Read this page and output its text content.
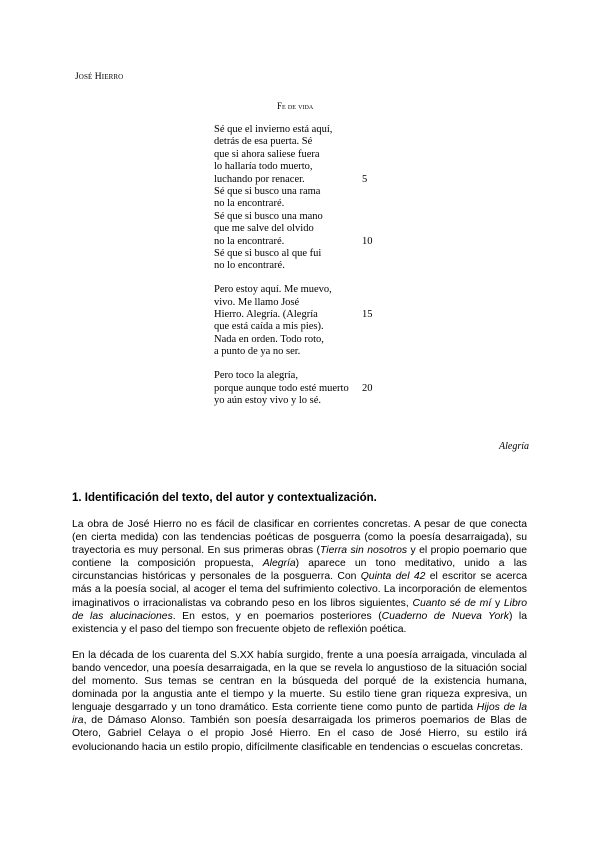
José Hierro
Fe de vida
Sé que el invierno está aquí,
detrás de esa puerta. Sé
que si ahora saliese fuera
lo hallaría todo muerto,
luchando por renacer.	5
Sé que si busco una rama
no la encontraré.
Sé que si busco una mano
que me salve del olvido
no la encontraré.	10
Sé que si busco al que fui
no lo encontraré.
Pero estoy aquí. Me muevo,
vivo. Me llamo José
Hierro. Alegría. (Alegría	15
que está caída a mis pies).
Nada en orden. Todo roto,
a punto de ya no ser.
Pero toco la alegría,
porque aunque todo esté muerto 20
yo aún estoy vivo y lo sé.
Alegría
1. Identificación del texto, del autor y contextualización.

La obra de José Hierro no es fácil de clasificar en corrientes concretas. A pesar de que conecta (en cierta medida) con las tendencias poéticas de posguerra (como la poesía desarraigada), su trayectoria es muy personal. En sus primeras obras (Tierra sin nosotros y el propio poemario que contiene la composición propuesta, Alegría) aparece un tono meditativo, unido a las circunstancias históricas y personales de la posguerra. Con Quinta del 42 el escritor se acerca más a la poesía social, al acoger el tema del sufrimiento colectivo. La incorporación de elementos imaginativos o irracionalistas va cobrando peso en los libros siguientes, Cuanto sé de mí y Libro de las alucinaciones. En estos, y en poemarios posteriores (Cuaderno de Nueva York) la existencia y el paso del tiempo son frecuente objeto de reflexión poética.

En la década de los cuarenta del S.XX había surgido, frente a una poesía arraigada, vinculada al bando vencedor, una poesía desarraigada, en la que se revela lo angustioso de la situación social del momento. Sus temas se centran en la búsqueda del porqué de la existencia humana, dominada por la angustia ante el tiempo y la muerte. Su estilo tiene gran riqueza expresiva, un lenguaje desgarrado y un tono dramático. Esta corriente tiene como punto de partida Hijos de la ira, de Dámaso Alonso. También son poesía desarraigada los primeros poemarios de Blas de Otero, Gabriel Celaya o el propio José Hierro. En el caso de José Hierro, su estilo irá evolucionando hacia un estilo propio, difícilmente clasificable en tendencias o escuelas concretas.
